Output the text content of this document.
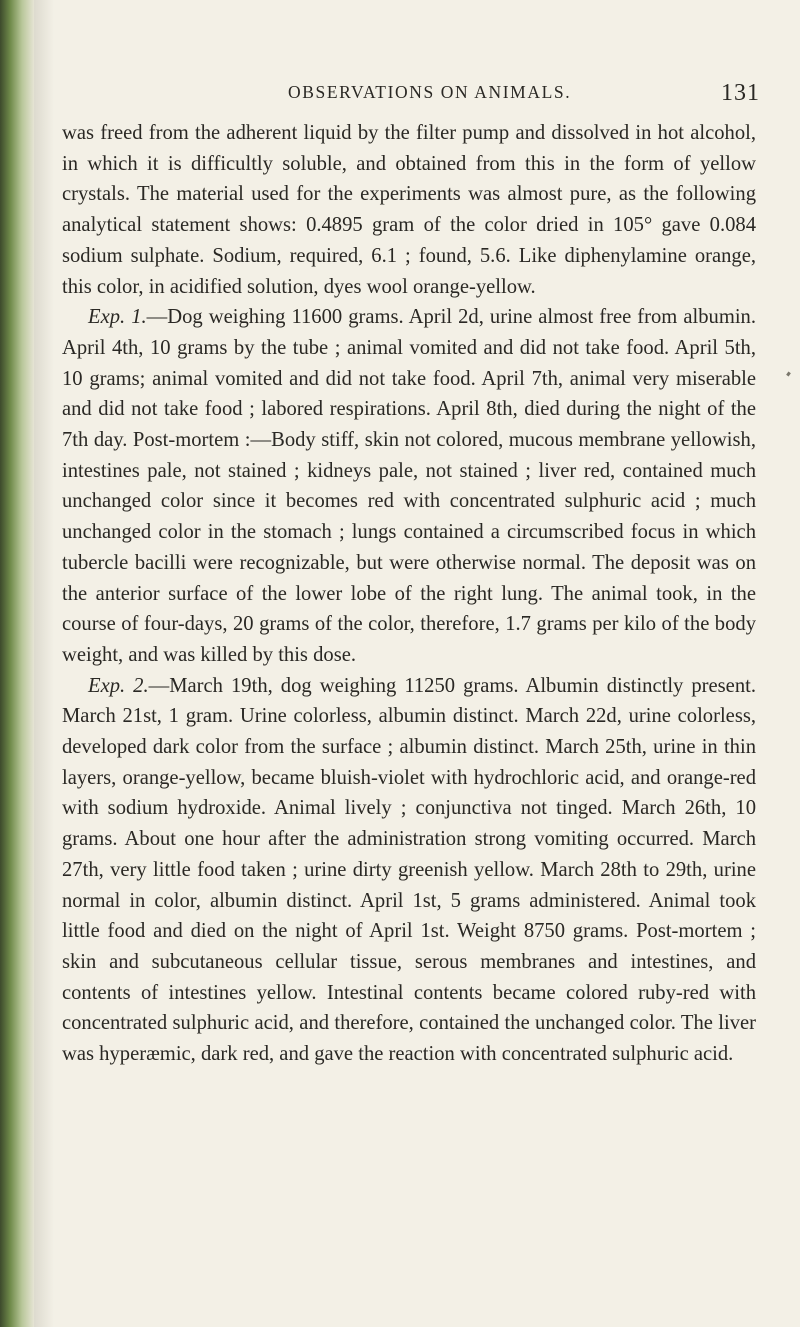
OBSERVATIONS ON ANIMALS.	131

was freed from the adherent liquid by the filter pump and dissolved in hot alcohol, in which it is difficultly soluble, and obtained from this in the form of yellow crystals. The material used for the experiments was almost pure, as the following analytical statement shows: 0.4895 gram of the color dried in 105° gave 0.084 sodium sulphate. Sodium, required, 6.1 ; found, 5.6. Like diphenylamine orange, this color, in acidified solution, dyes wool orange-yellow.

Exp. 1.—Dog weighing 11600 grams. April 2d, urine almost free from albumin. April 4th, 10 grams by the tube ; animal vomited and did not take food. April 5th, 10 grams; animal vomited and did not take food. April 7th, animal very miserable and did not take food ; labored respirations. April 8th, died during the night of the 7th day. Post-mortem :—Body stiff, skin not colored, mucous membrane yellowish, intestines pale, not stained ; kidneys pale, not stained ; liver red, contained much unchanged color since it becomes red with concentrated sulphuric acid ; much unchanged color in the stomach ; lungs contained a circumscribed focus in which tubercle bacilli were recognizable, but were otherwise normal. The deposit was on the anterior surface of the lower lobe of the right lung. The animal took, in the course of four-days, 20 grams of the color, therefore, 1.7 grams per kilo of the body weight, and was killed by this dose.

Exp. 2.—March 19th, dog weighing 11250 grams. Albumin distinctly present. March 21st, 1 gram. Urine colorless, albumin distinct. March 22d, urine colorless, developed dark color from the surface ; albumin distinct. March 25th, urine in thin layers, orange-yellow, became bluish-violet with hydrochloric acid, and orange-red with sodium hydroxide. Animal lively ; conjunctiva not tinged. March 26th, 10 grams. About one hour after the administration strong vomiting occurred. March 27th, very little food taken ; urine dirty greenish yellow. March 28th to 29th, urine normal in color, albumin distinct. April 1st, 5 grams administered. Animal took little food and died on the night of April 1st. Weight 8750 grams. Post-mortem ; skin and subcutaneous cellular tissue, serous membranes and intestines, and contents of intestines yellow. Intestinal contents became colored ruby-red with concentrated sulphuric acid, and therefore, contained the unchanged color. The liver was hyperæmic, dark red, and gave the reaction with concentrated sulphuric acid.
